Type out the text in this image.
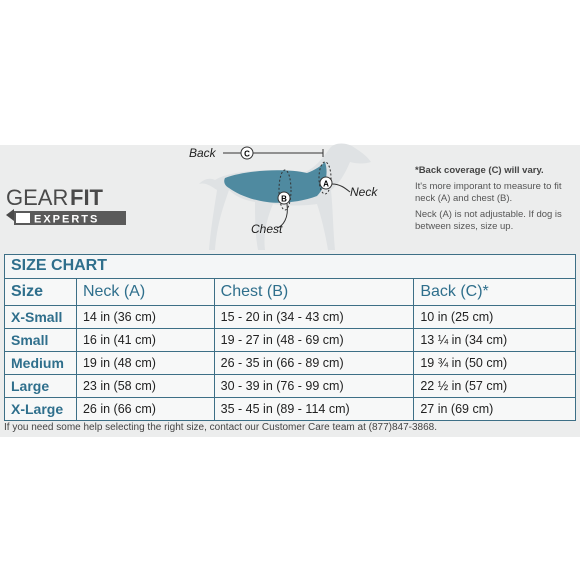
GEAR FIT
EXPERTS
C
Back
A
Neck
B
Chest

*Back coverage (C) will vary.

It's more imporant to measure to fit neck (A) and chest (B).

Neck (A) is not adjustable. If dog is between sizes, size up.

SIZE CHART
Size	Neck (A)	Chest (B)	Back (C)*
X-Small	14 in (36 cm)	15 - 20 in (34 - 43 cm)	10 in (25 cm)
Small	16 in (41 cm)	19 - 27 in (48 - 69 cm)	13 ¼ in (34 cm)
Medium	19 in (48 cm)	26 - 35 in (66 - 89 cm)	19 ¾ in (50 cm)
Large	23 in (58 cm)	30 - 39 in (76 - 99 cm)	22 ½ in (57 cm)
X-Large	26 in (66 cm)	35 - 45 in (89 - 114 cm)	27 in (69 cm)
If you need some help selecting the right size, contact our Customer Care team at (877)847-3868.
